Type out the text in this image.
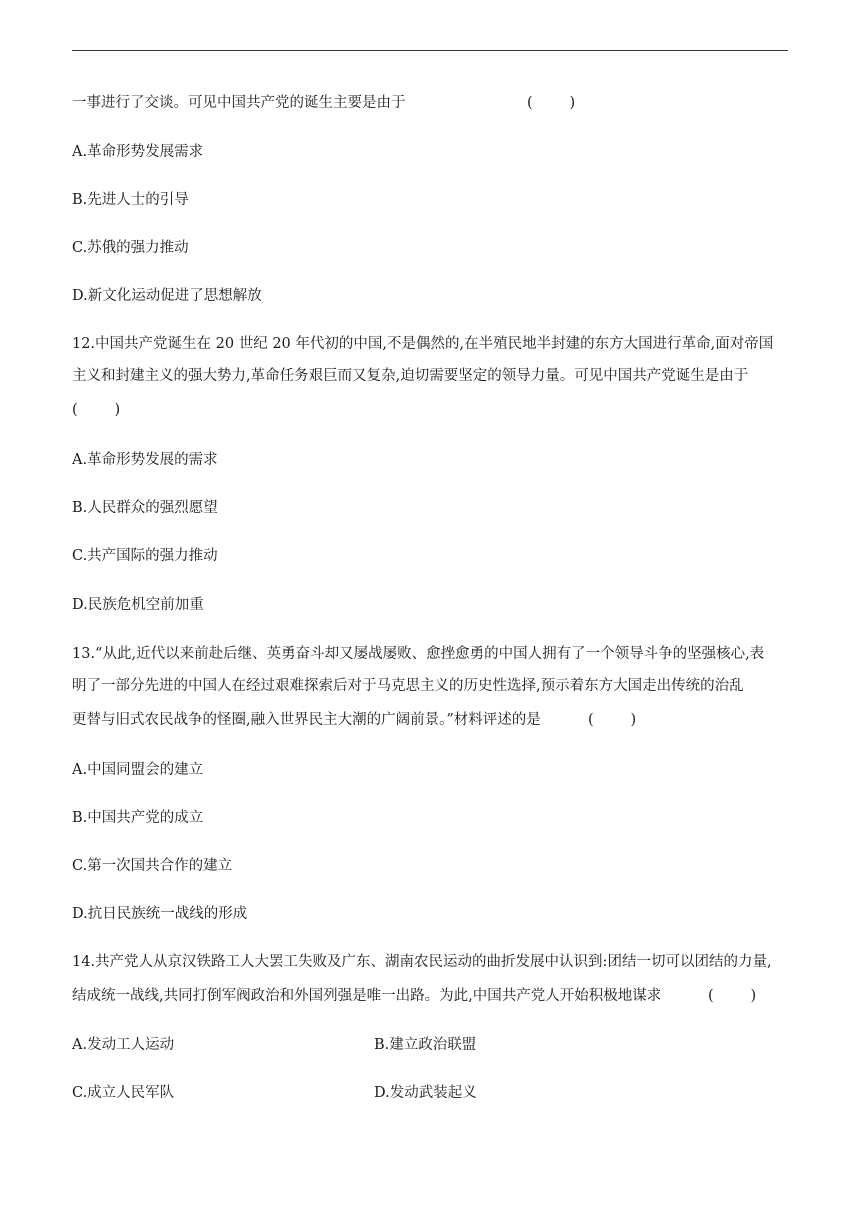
一事进行了交谈。可见中国共产党的诞生主要是由于	(        )
A.革命形势发展需求
B.先进人士的引导
C.苏俄的强力推动
D.新文化运动促进了思想解放
12.中国共产党诞生在 20 世纪 20 年代初的中国,不是偶然的,在半殖民地半封建的东方大国进行革命,面对帝国
主义和封建主义的强大势力,革命任务艰巨而又复杂,迫切需要坚定的领导力量。可见中国共产党诞生是由于
(        )
A.革命形势发展的需求
B.人民群众的强烈愿望
C.共产国际的强力推动
D.民族危机空前加重
13.“从此,近代以来前赴后继、英勇奋斗却又屡战屡败、愈挫愈勇的中国人拥有了一个领导斗争的坚强核心,表
明了一部分先进的中国人在经过艰难探索后对于马克思主义的历史性选择,预示着东方大国走出传统的治乱
更替与旧式农民战争的怪圈,融入世界民主大潮的广阔前景。”材料评述的是	(        )
A.中国同盟会的建立
B.中国共产党的成立
C.第一次国共合作的建立
D.抗日民族统一战线的形成
14.共产党人从京汉铁路工人大罢工失败及广东、湖南农民运动的曲折发展中认识到:团结一切可以团结的力量,
结成统一战线,共同打倒军阀政治和外国列强是唯一出路。为此,中国共产党人开始积极地谋求	(        )
A.发动工人运动	B.建立政治联盟
C.成立人民军队	D.发动武装起义
